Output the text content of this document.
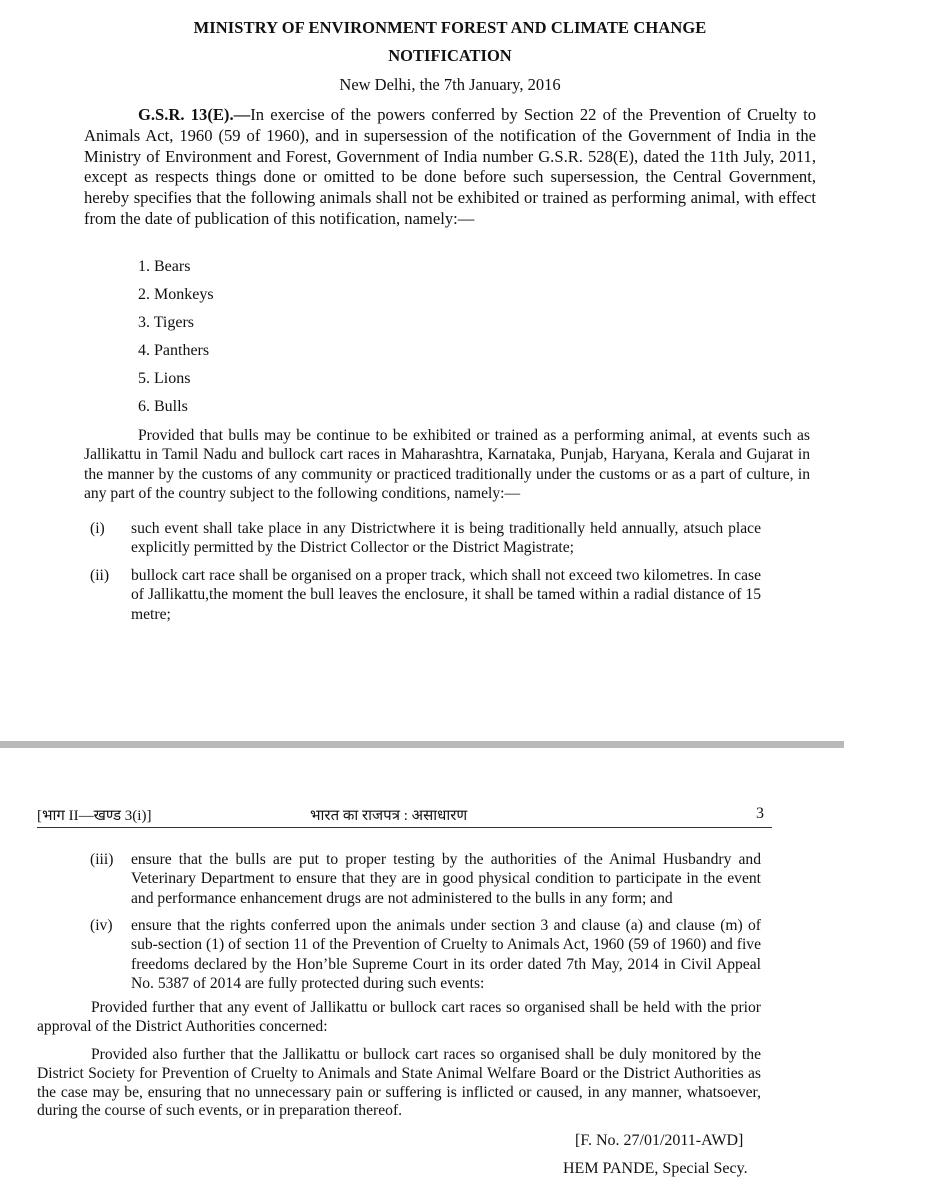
MINISTRY OF ENVIRONMENT FOREST AND CLIMATE CHANGE
NOTIFICATION
New Delhi, the 7th January, 2016

G.S.R. 13(E).—In exercise of the powers conferred by Section 22 of the Prevention of Cruelty to Animals Act, 1960 (59 of 1960), and in supersession of the notification of the Government of India in the Ministry of Environment and Forest, Government of India number G.S.R. 528(E), dated the 11th July, 2011, except as respects things done or omitted to be done before such supersession, the Central Government, hereby specifies that the following animals shall not be exhibited or trained as performing animal, with effect from the date of publication of this notification, namely:—

1. Bears
2. Monkeys
3. Tigers
4. Panthers
5. Lions
6. Bulls

Provided that bulls may be continue to be exhibited or trained as a performing animal, at events such as Jallikattu in Tamil Nadu and bullock cart races in Maharashtra, Karnataka, Punjab, Haryana, Kerala and Gujarat in the manner by the customs of any community or practiced traditionally under the customs or as a part of culture, in any part of the country subject to the following conditions, namely:—

(i) such event shall take place in any Districtwhere it is being traditionally held annually, atsuch place explicitly permitted by the District Collector or the District Magistrate;
(ii) bullock cart race shall be organised on a proper track, which shall not exceed two kilometres. In case of Jallikattu,the moment the bull leaves the enclosure, it shall be tamed within a radial distance of 15 metre;
[भाग II—खण्ड 3(i)]	भारत का राजपत्र : असाधारण	3
(iii) ensure that the bulls are put to proper testing by the authorities of the Animal Husbandry and Veterinary Department to ensure that they are in good physical condition to participate in the event and performance enhancement drugs are not administered to the bulls in any form; and
(iv) ensure that the rights conferred upon the animals under section 3 and clause (a) and clause (m) of sub-section (1) of section 11 of the Prevention of Cruelty to Animals Act, 1960 (59 of 1960) and five freedoms declared by the Hon’ble Supreme Court in its order dated 7th May, 2014 in Civil Appeal No. 5387 of 2014 are fully protected during such events:

Provided further that any event of Jallikattu or bullock cart races so organised shall be held with the prior approval of the District Authorities concerned:

Provided also further that the Jallikattu or bullock cart races so organised shall be duly monitored by the District Society for Prevention of Cruelty to Animals and State Animal Welfare Board or the District Authorities as the case may be, ensuring that no unnecessary pain or suffering is inflicted or caused, in any manner, whatsoever, during the course of such events, or in preparation thereof.

[F. No. 27/01/2011-AWD]
HEM PANDE, Special Secy.
